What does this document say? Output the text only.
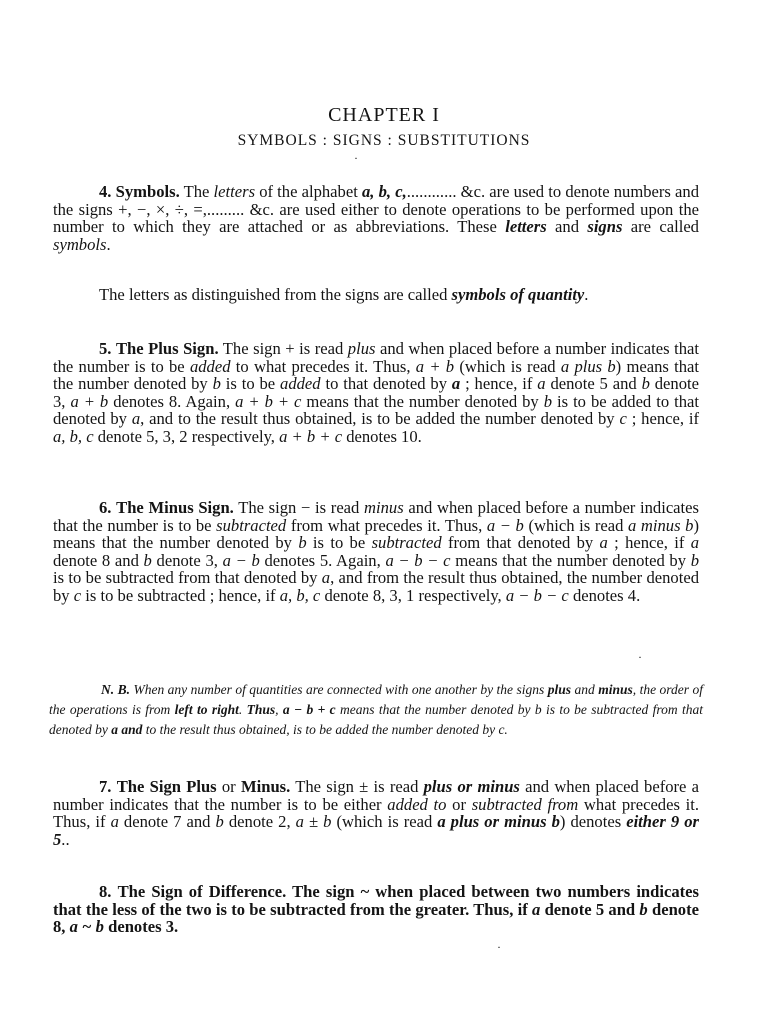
CHAPTER I
SYMBOLS : SIGNS : SUBSTITUTIONS
·

4. Symbols. The letters of the alphabet a, b, c,............ &c. are used to denote numbers and the signs +, −, ×, ÷, =,......... &c. are used either to denote operations to be performed upon the number to which they are attached or as abbreviations. These letters and signs are called symbols.

The letters as distinguished from the signs are called symbols of quantity.

5. The Plus Sign. The sign + is read plus and when placed before a number indicates that the number is to be added to what precedes it. Thus, a + b (which is read a plus b) means that the number denoted by b is to be added to that denoted by a ; hence, if a denote 5 and b denote 3, a + b denotes 8. Again, a + b + c means that the number denoted by b is to be added to that denoted by a, and to the result thus obtained, is to be added the number denoted by c ; hence, if a, b, c denote 5, 3, 2 respectively, a + b + c denotes 10.

6. The Minus Sign. The sign − is read minus and when placed before a number indicates that the number is to be subtracted from what precedes it. Thus, a − b (which is read a minus b) means that the number denoted by b is to be subtracted from that denoted by a ; hence, if a denote 8 and b denote 3, a − b denotes 5. Again, a − b − c means that the number denoted by b is to be subtracted from that denoted by a, and from the result thus obtained, the number denoted by c is to be subtracted ; hence, if a, b, c denote 8, 3, 1 respectively, a − b − c denotes 4.

·

N. B. When any number of quantities are connected with one another by the signs plus and minus, the order of the operations is from left to right. Thus, a − b + c means that the number denoted by b is to be subtracted from that denoted by a and to the result thus obtained, is to be added the number denoted by c.

7. The Sign Plus or Minus. The sign ± is read plus or minus and when placed before a number indicates that the number is to be either added to or subtracted from what precedes it. Thus, if a denote 7 and b denote 2, a ± b (which is read a plus or minus b) denotes either 9 or 5..

8. The Sign of Difference. The sign ~ when placed between two numbers indicates that the less of the two is to be subtracted from the greater. Thus, if a denote 5 and b denote 8, a ~ b denotes 3.

·
